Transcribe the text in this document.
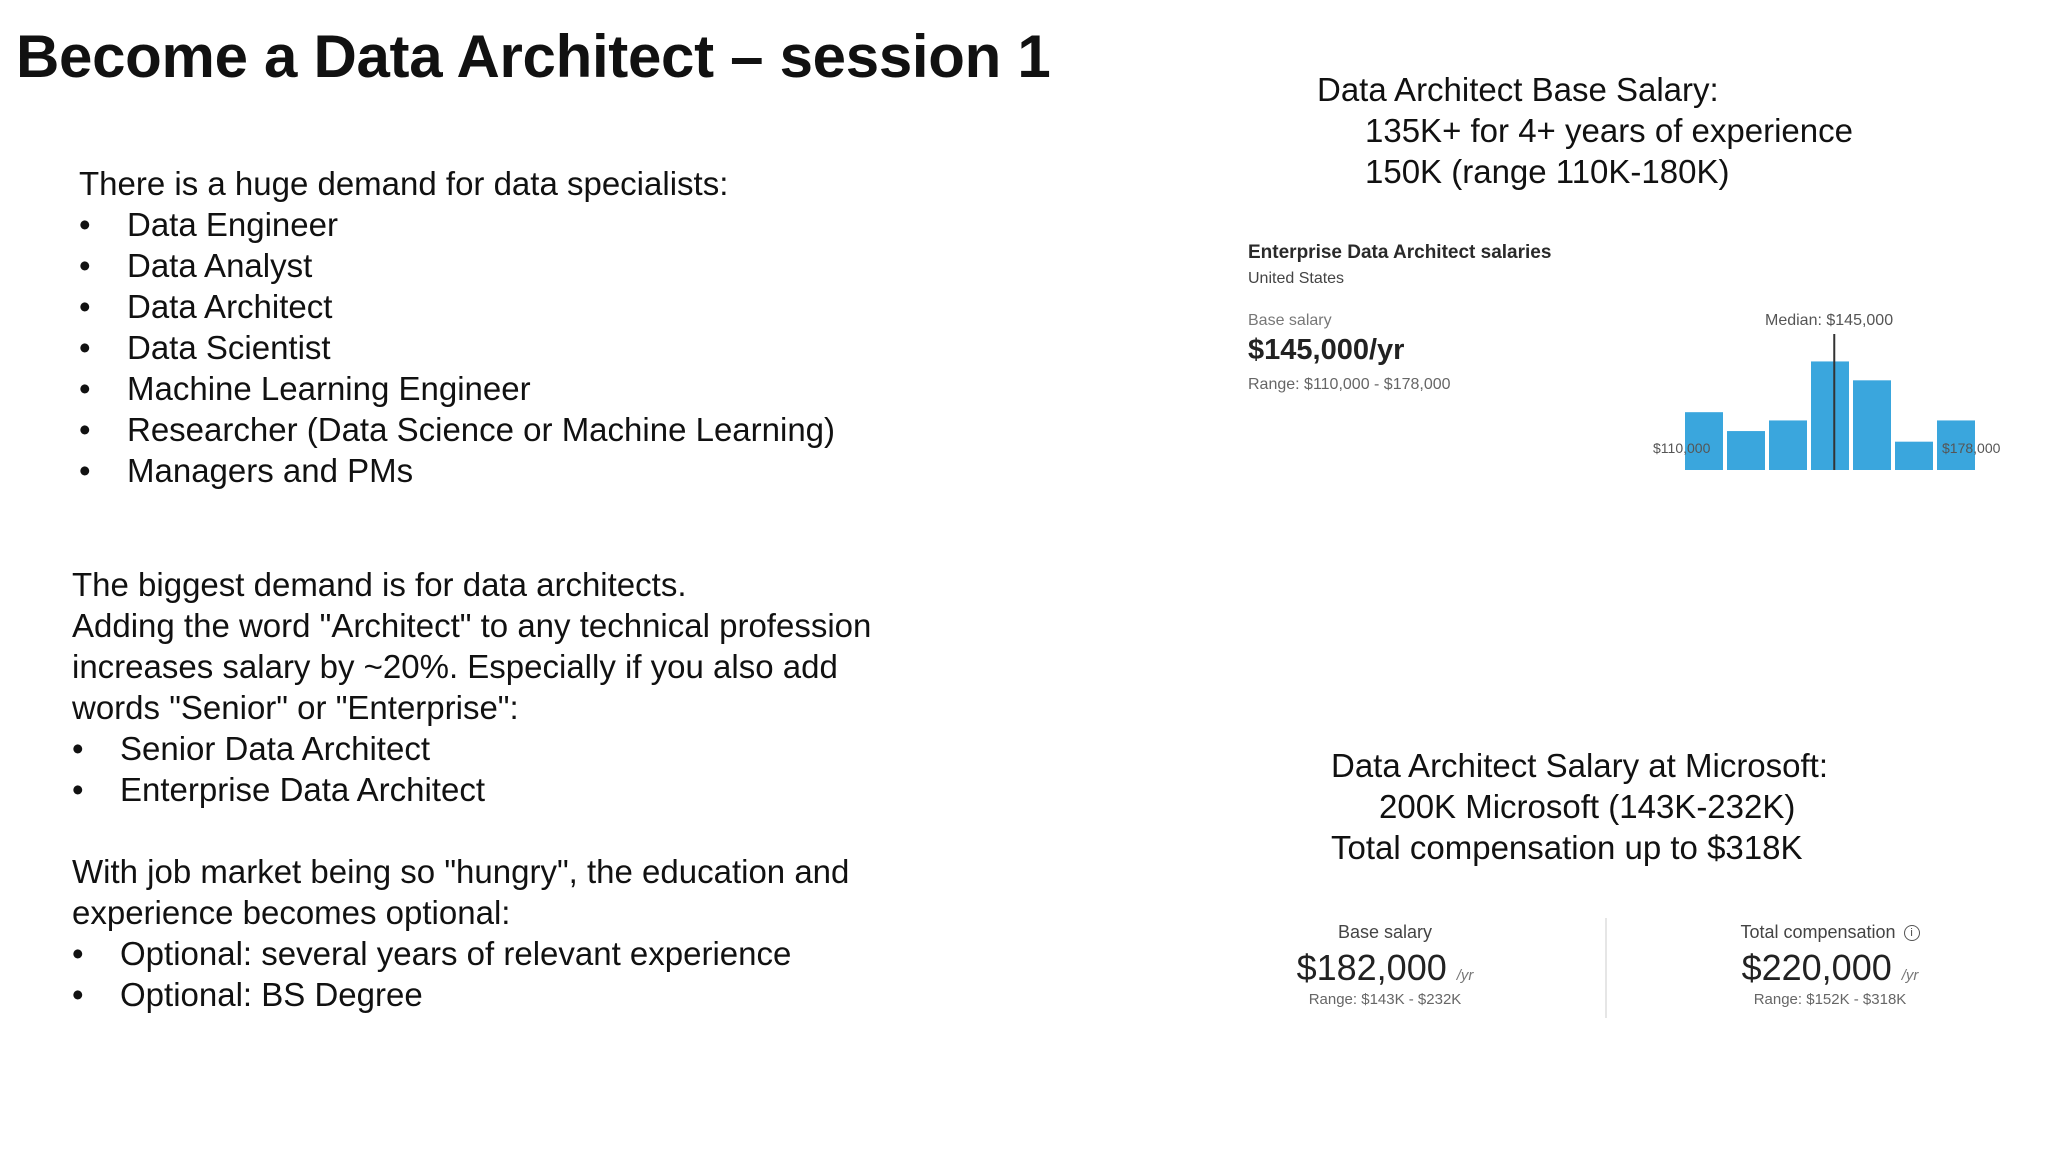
Become a Data Architect – session 1
There is a huge demand for data specialists:
• Data Engineer
• Data Analyst
• Data Architect
• Data Scientist
• Machine Learning Engineer
• Researcher (Data Science or Machine Learning)
• Managers and PMs
The biggest demand is for data architects.
Adding the word "Architect" to any technical profession
increases salary by ~20%. Especially if you also add
words "Senior" or "Enterprise":
• Senior Data Architect
• Enterprise Data Architect
With job market being so "hungry", the education and
experience becomes optional:
• Optional: several years of relevant experience
• Optional: BS Degree
Data Architect Base Salary:
135K+ for 4+ years of experience
150K (range 110K-180K)
Enterprise Data Architect salaries
United States
Base salary
$145,000/yr
Range: $110,000 - $178,000
Median: $145,000
$110,000	$178,000
Data Architect Salary at Microsoft:
200K Microsoft (143K-232K)
Total compensation up to $318K
Base salary
$182,000 /yr
Range: $143K - $232K
Total compensation i
$220,000 /yr
Range: $152K - $318K
